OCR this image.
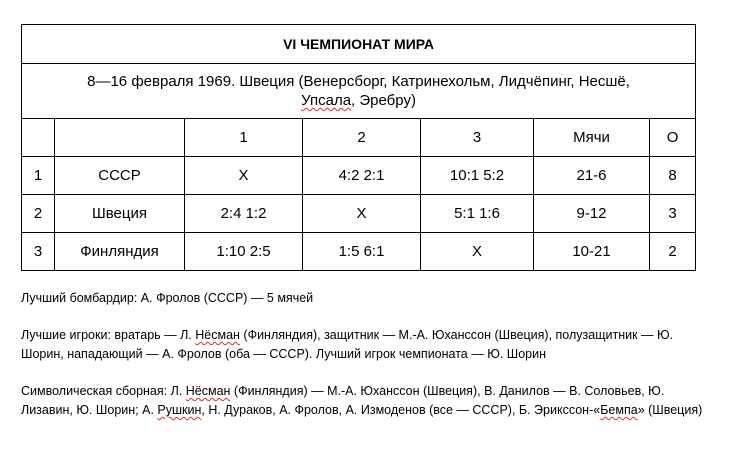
VI ЧЕМПИОНАТ МИРА						
8—16 февраля 1969. Швеция (Венерсборг, Катринехольм, Лидчёпинг, Несшё,
Упсала, Эребру)						
		1	2	3	Мячи	О
1	СССР	Х	4:2 2:1	10:1 5:2	21-6	8
2	Швеция	2:4 1:2	Х	5:1 1:6	9-12	3
3	Финляндия	1:10 2:5	1:5 6:1	Х	10-21	2

Лучший бомбардир: А. Фролов (СССР) — 5 мячей

Лучшие игроки: вратарь — Л. Нёсман (Финляндия), защитник — М.-А. Юханссон (Швеция), полузащитник — Ю. Шорин, нападающий — А. Фролов (оба — СССР). Лучший игрок чемпионата — Ю. Шорин

Символическая сборная: Л. Нёсман (Финляндия) — М.-А. Юханссон (Швеция), В. Данилов — В. Соловьев, Ю. Лизавин, Ю. Шорин; А. Рушкин, Н. Дураков, А. Фролов, А. Измоденов (все — СССР), Б. Эрикссон-«Бемпа» (Швеция)
